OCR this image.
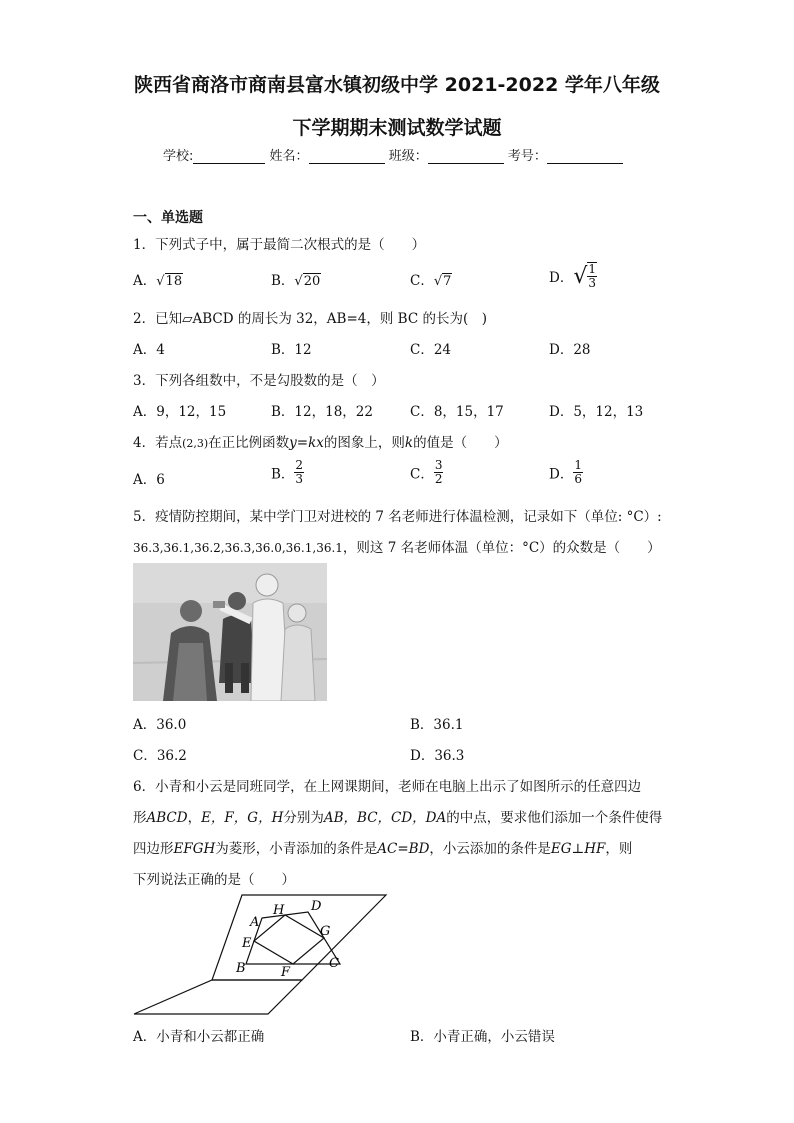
陕西省商洛市商南县富水镇初级中学 2021-2022 学年八年级
下学期期末测试数学试题
学校:	姓名：	班级：	考号：
一、单选题
1．下列式子中，属于最简二次根式的是（　　）
A．√18	B．√20	C．√7	D．√ $\frac{1}{3}$
2．已知▱ABCD 的周长为 32，AB=4，则 BC 的长为(　)
A．4	B．12	C．24	D．28
3．下列各组数中，不是勾股数的是（　）
A．9，12，15	B．12，18，22	C．8，15，17	D．5，12，13
4．若点(2,3)在正比例函数y=kx的图象上，则k的值是（　　）
A．6	B． $\frac{2}{3}$	C． $\frac{3}{2}$	D． $\frac{1}{6}$
5．疫情防控期间，某中学门卫对进校的 7 名老师进行体温检测，记录如下（单位: °C）:
36.3,36.1,36.2,36.3,36.0,36.1,36.1，则这 7 名老师体温（单位：°C）的众数是（　　）
A．36.0	B．36.1
C．36.2	D．36.3
6．小青和小云是同班同学，在上网课期间，老师在电脑上出示了如图所示的任意四边
形ABCD，E，F，G，H分别为AB，BC，CD，DA的中点，要求他们添加一个条件使得
四边形EFGH为菱形，小青添加的条件是AC=BD，小云添加的条件是EG⊥HF，则
下列说法正确的是（　　）
A
H D
E
G
B	F
C
A．小青和小云都正确	B．小青正确，小云错误
